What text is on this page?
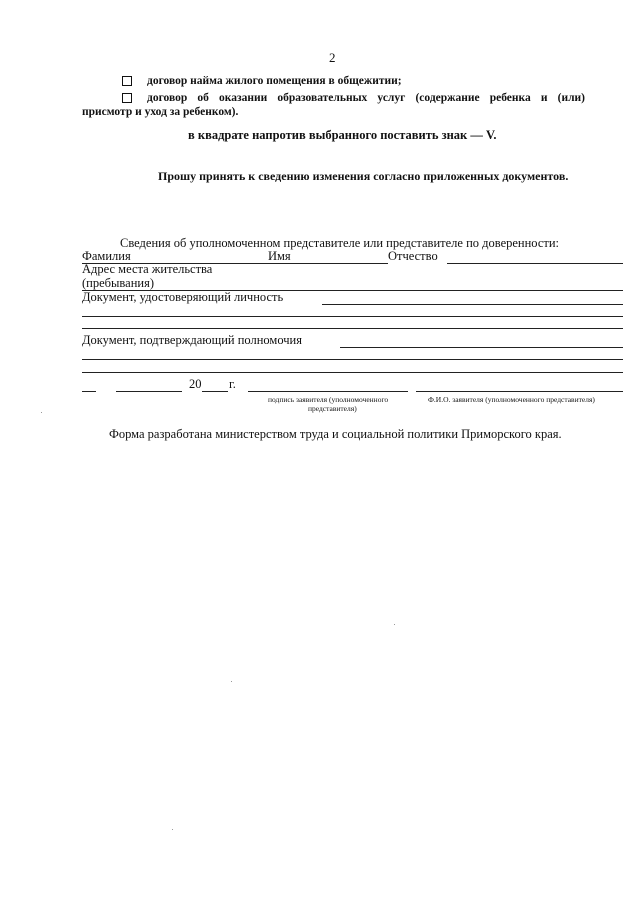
2
договор найма жилого помещения в общежитии;
договор об оказании образовательных услуг (содержание ребенка и (или)
присмотр и уход за ребенком).
в квадрате напротив выбранного поставить знак — V.
Прошу принять к сведению изменения согласно приложенных документов.
Сведения об уполномоченном представителе или представителе по доверенности:
Фамилия	Имя	Отчество
Адрес места жительства
(пребывания)
Документ, удостоверяющий личность
Документ, подтверждающий полномочия
20 г.
подпись заявителя (уполномоченного
представителя)
Ф.И.О. заявителя (уполномоченного представителя)
Форма разработана министерством труда и социальной политики Приморского края.
